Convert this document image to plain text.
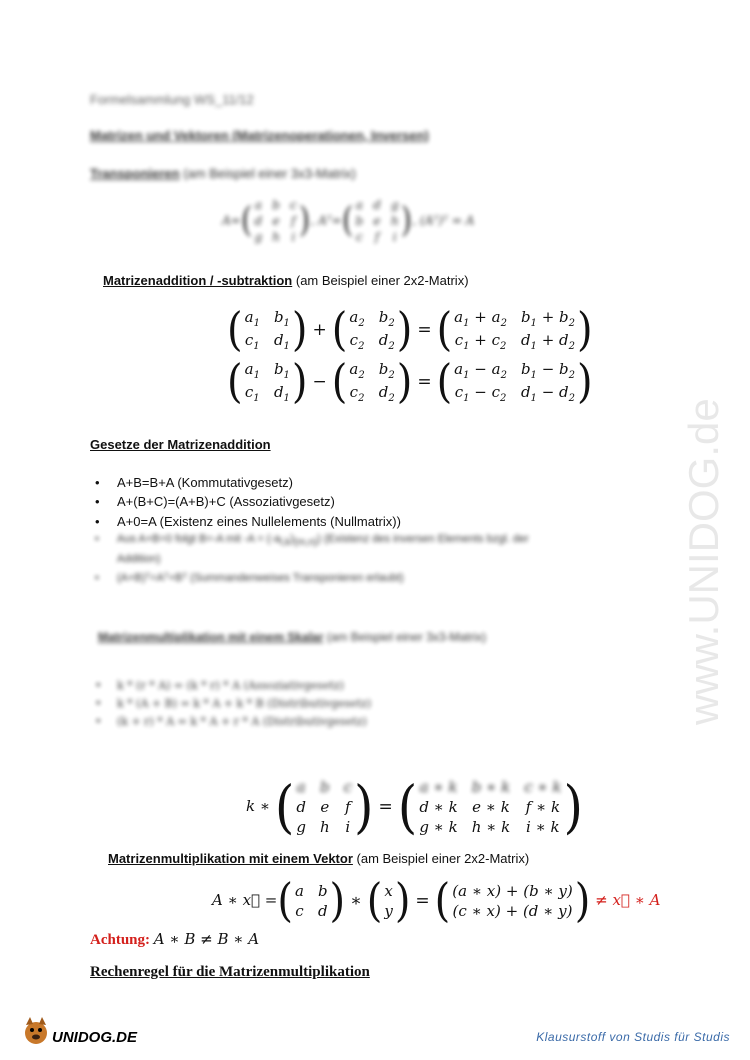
Formelsammlung WS_11/12
Matrizen und Vektoren (Matrizenoperationen, Inversen)
Transponieren (am Beispiel einer 3x3-Matrix)
A= ( a b c
d e f
g h i ) , Aᵀ= ( a d g
b e h
c f i ) , (Aᵀ)ᵀ = A
Matrizenaddition / -subtraktion (am Beispiel einer 2x2-Matrix)
( $a_1$ $b_1$
$c_1$ $d_1$ ) + ( $a_2$ $b_2$
$c_2$ $d_2$ ) = ( $a_1 + a_2$ $b_1 + b_2$
$c_1 + c_2$ $d_1 + d_2$ )
( $a_1$ $b_1$
$c_1$ $d_1$ ) − ( $a_2$ $b_2$
$c_2$ $d_2$ ) = ( $a_1 - a_2$ $b_1 - b_2$
$c_1 - c_2$ $d_1 - d_2$ )
Gesetze der Matrizenaddition
• A+B=B+A (Kommutativgesetz)
• A+(B+C)=(A+B)+C (Assoziativgesetz)
• A+0=A (Existenz eines Nullelements (Nullmatrix))
• Aus A+B=0 folgt B=-A mit $-A = (-a_{i,k})_{(m,n)}$) (Existenz des inversen Elements bzgl. der
Addition)
• (A+B)ᵀ=Aᵀ+Bᵀ (Summandenweises Transponieren erlaubt)
Matrizenmultiplikation mit einem Skalar (am Beispiel einer 3x3-Matrix)
• k * (r * A) = (k * r) * A (Assoziativgesetz)
• k * (A + B) = k * A + k * B (Distributivgesetz)
• (k + r) * A = k * A + r * A (Distributivgesetz)
k ∗ ( a b c
d e f
g h i ) = ( a ∗ k b ∗ k c ∗ k
d ∗ k e ∗ k f ∗ k
g ∗ k h ∗ k i ∗ k )
Matrizenmultiplikation mit einem Vektor (am Beispiel einer 2x2-Matrix)
A ∗ x⃗ = ( a b
c d ) ∗ ( x
y ) = ( (a ∗ x) + (b ∗ y)
(c ∗ x) + (d ∗ y) ) ≠ x⃗ ∗ A
Achtung: A ∗ B ≠ B ∗ A
Rechenregel für die Matrizenmultiplikation
www.UNIDOG.de
UNIDOG.DE	Klausurstoff von Studis für Studis
